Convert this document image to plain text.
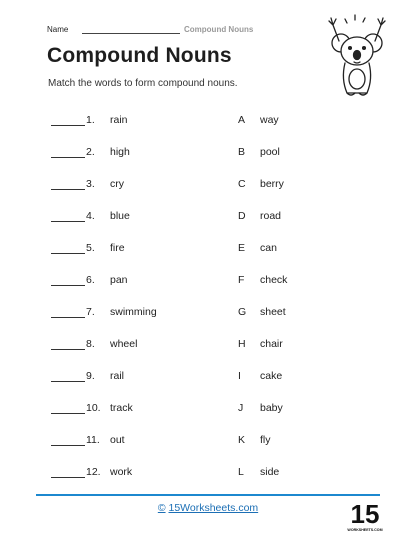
Name	Compound Nouns
Compound Nouns
Match the words to form compound nouns.
1.	rain	A way
2.	high	B pool
3.	cry	C berry
4.	blue	D road
5.	fire	E can
6.	pan	F check
7.	swimming	G sheet
8.	wheel	H chair
9.	rail	I cake
10. track	J baby
11. out	K fly
12. work	L side
© 15Worksheets.com	15
WORKSHEETS.COM
